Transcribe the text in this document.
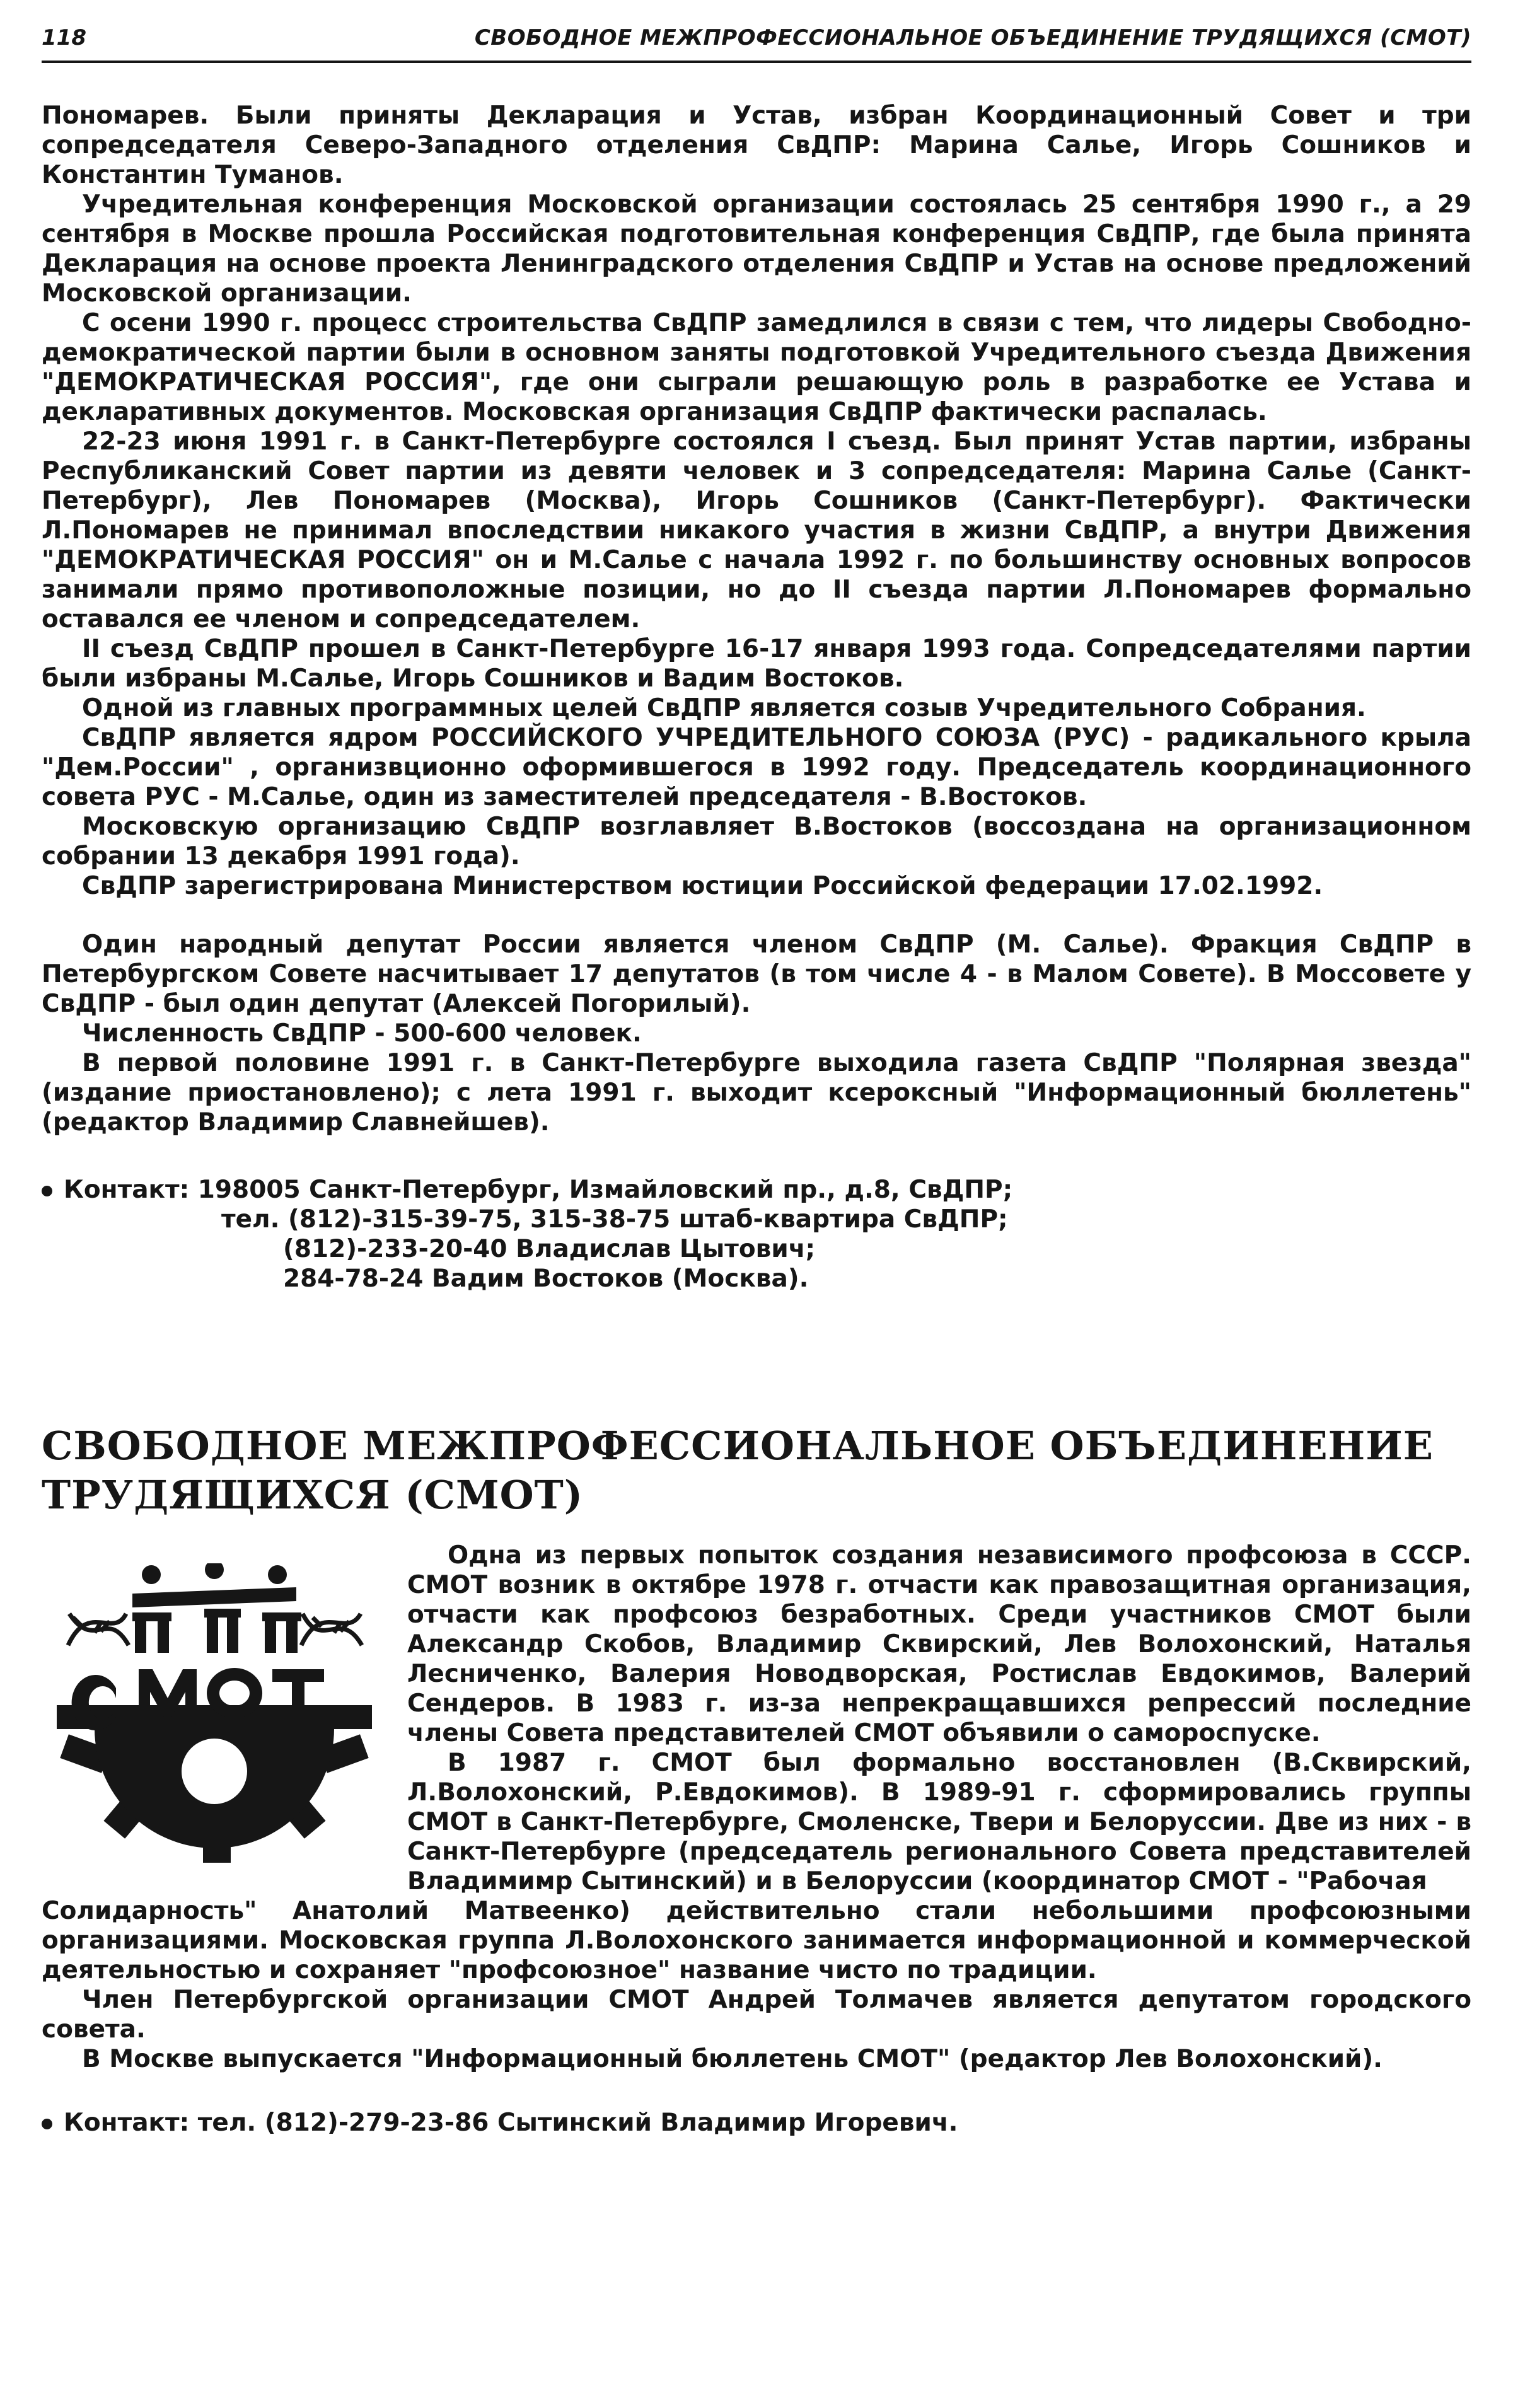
118	СВОБОДНОЕ МЕЖПРОФЕССИОНАЛЬНОЕ ОБЪЕДИНЕНИЕ ТРУДЯЩИХСЯ (СМОТ)

Пономарев. Были приняты Декларация и Устав, избран Координационный Совет и три сопредседателя Северо-Западного отделения СвДПР: Марина Салье, Игорь Сошников и Константин Туманов.

Учредительная конференция Московской организации состоялась 25 сентября 1990 г., а 29 сентября в Москве прошла Российская подготовительная конференция СвДПР, где была принята Декларация на основе проекта Ленинградского отделения СвДПР и Устав на основе предложений Московской организации.

С осени 1990 г. процесс строительства СвДПР замедлился в связи с тем, что лидеры Свободно-демократической партии были в основном заняты подготовкой Учредительного съезда Движения "ДЕМОКРАТИЧЕСКАЯ РОССИЯ", где они сыграли решающую роль в разработке ее Устава и декларативных документов. Московская организация СвДПР фактически распалась.

22-23 июня 1991 г. в Санкт-Петербурге состоялся I съезд. Был принят Устав партии, избраны Республиканский Совет партии из девяти человек и 3 сопредседателя: Марина Салье (Санкт-Петербург), Лев Пономарев (Москва), Игорь Сошников (Санкт-Петербург). Фактически Л.Пономарев не принимал впоследствии никакого участия в жизни СвДПР, а внутри Движения "ДЕМОКРАТИЧЕСКАЯ РОССИЯ" он и М.Салье с начала 1992 г. по большинству основных вопросов занимали прямо противоположные позиции, но до II съезда партии Л.Пономарев формально оставался ее членом и сопредседателем.

II съезд СвДПР прошел в Санкт-Петербурге 16-17 января 1993 года. Сопредседателями партии были избраны М.Салье, Игорь Сошников и Вадим Востоков.

Одной из главных программных целей СвДПР является созыв Учредительного Собрания.

СвДПР является ядром РОССИЙСКОГО УЧРЕДИТЕЛЬНОГО СОЮЗА (РУС) - радикального крыла "Дем.России" , организвционно оформившегося в 1992 году. Председатель координационного совета РУС - М.Салье, один из заместителей председателя - В.Востоков.

Московскую организацию СвДПР возглавляет В.Востоков (воссоздана на организационном собрании 13 декабря 1991 года).

СвДПР зарегистрирована Министерством юстиции Российской федерации 17.02.1992.

Один народный депутат России является членом СвДПР (М. Салье). Фракция СвДПР в Петербургском Совете насчитывает 17 депутатов (в том числе 4 - в Малом Совете). В Моссовете у СвДПР - был один депутат (Алексей Погорилый).

Численность СвДПР - 500-600 человек.

В первой половине 1991 г. в Санкт-Петербурге выходила газета СвДПР "Полярная звезда" (издание приостановлено); с лета 1991 г. выходит ксероксный "Информационный бюллетень" (редактор Владимир Славнейшев).

Контакт: 198005 Санкт-Петербург, Измайловский пр., д.8, СвДПР;
тел. (812)-315-39-75, 315-38-75 штаб-квартира СвДПР;
(812)-233-20-40 Владислав Цытович;
284-78-24 Вадим Востоков (Москва).
СВОБОДНОЕ МЕЖПРОФЕССИОНАЛЬНОЕ ОБЪЕДИНЕНИЕ
ТРУДЯЩИХСЯ (СМОТ)

Одна из первых попыток создания независимого профсоюза в СССР. СМОТ возник в октябре 1978 г. отчасти как правозащитная организация, отчасти как профсоюз безработных. Среди участников СМОТ были Александр Скобов, Владимир Сквирский, Лев Волохонский, Наталья Лесниченко, Валерия Новодворская, Ростислав Евдокимов, Валерий Сендеров. В 1983 г. из-за непрекращавшихся репрессий последние члены Совета представителей СМОТ объявили о самороспуске.

В 1987 г. СМОТ был формально восстановлен (В.Сквирский, Л.Волохонский, Р.Евдокимов). В 1989-91 г. сформировались группы СМОТ в Санкт-Петербурге, Смоленске, Твери и Белоруссии. Две из них - в Санкт-Петербурге (председатель регионального Совета представителей Владимимр Сытинский) и в Белоруссии (координатор СМОТ - "Рабочая

Солидарность" Анатолий Матвеенко) действительно стали небольшими профсоюзными организациями. Московская группа Л.Волохонского занимается информационной и коммерческой деятельностью и сохраняет "профсоюзное" название чисто по традиции.

Член Петербургской организации СМОТ Андрей Толмачев является депутатом городского совета.

В Москве выпускается "Информационный бюллетень СМОТ" (редактор Лев Волохонский).

Контакт: тел. (812)-279-23-86 Сытинский Владимир Игоревич.
